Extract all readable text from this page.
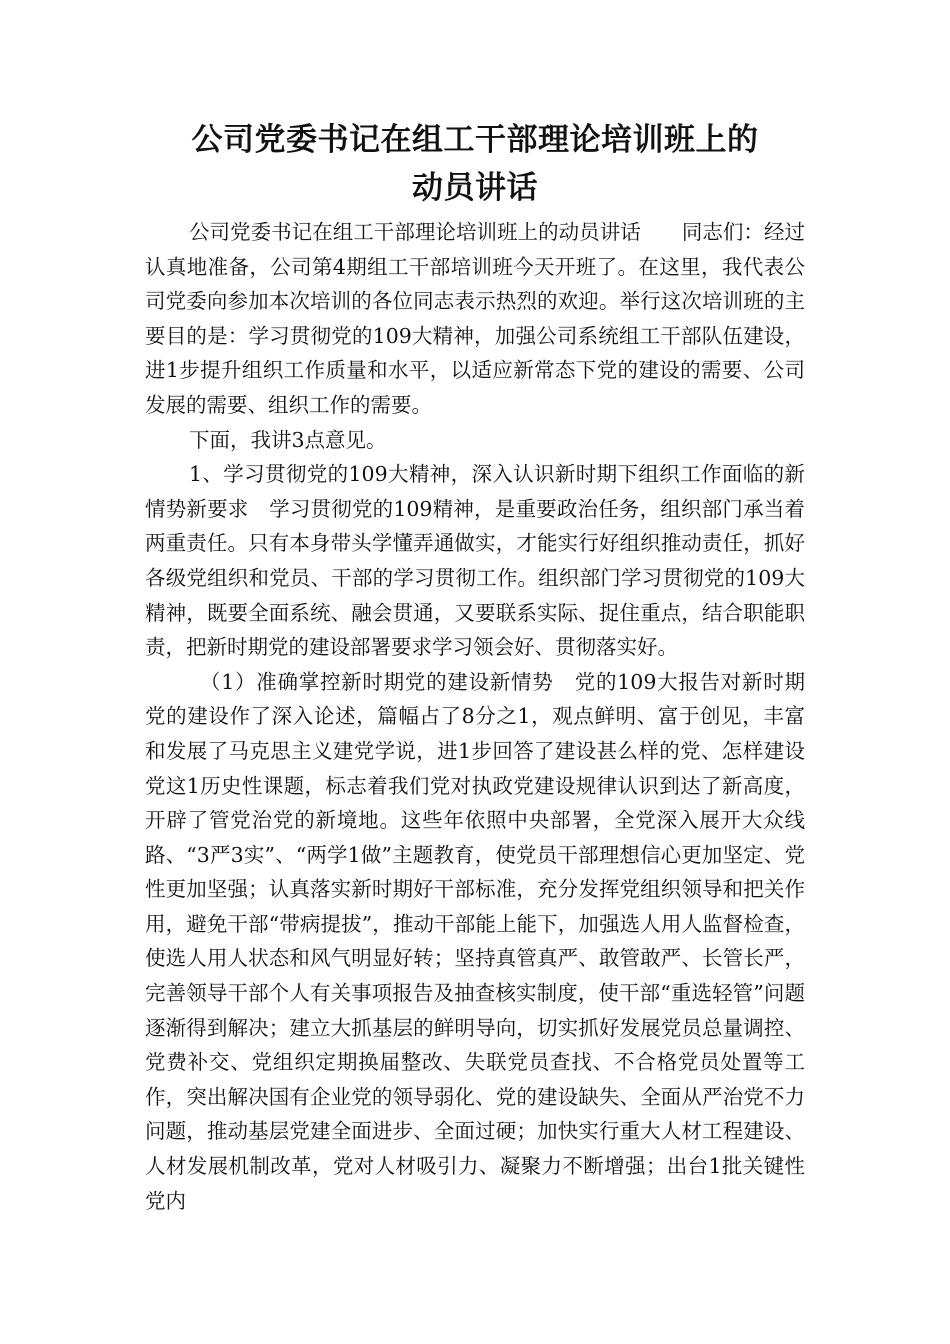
公司党委书记在组工干部理论培训班上的
动员讲话

公司党委书记在组工干部理论培训班上的动员讲话　　同志们：经过认真地准备，公司第4期组工干部培训班今天开班了。在这里，我代表公司党委向参加本次培训的各位同志表示热烈的欢迎。举行这次培训班的主要目的是：学习贯彻党的109大精神，加强公司系统组工干部队伍建设，进1步提升组织工作质量和水平，以适应新常态下党的建设的需要、公司发展的需要、组织工作的需要。

下面，我讲3点意见。

1、学习贯彻党的109大精神，深入认识新时期下组织工作面临的新情势新要求　学习贯彻党的109精神，是重要政治任务，组织部门承当着两重责任。只有本身带头学懂弄通做实，才能实行好组织推动责任，抓好各级党组织和党员、干部的学习贯彻工作。组织部门学习贯彻党的109大精神，既要全面系统、融会贯通，又要联系实际、捉住重点，结合职能职责，把新时期党的建设部署要求学习领会好、贯彻落实好。

（1）准确掌控新时期党的建设新情势　党的109大报告对新时期党的建设作了深入论述，篇幅占了8分之1，观点鲜明、富于创见，丰富和发展了马克思主义建党学说，进1步回答了建设甚么样的党、怎样建设党这1历史性课题，标志着我们党对执政党建设规律认识到达了新高度，开辟了管党治党的新境地。这些年依照中央部署，全党深入展开大众线路、“3严3实”、“两学1做”主题教育，使党员干部理想信心更加坚定、党性更加坚强；认真落实新时期好干部标准，充分发挥党组织领导和把关作用，避免干部“带病提拔”，推动干部能上能下，加强选人用人监督检查，使选人用人状态和风气明显好转；坚持真管真严、敢管敢严、长管长严，完善领导干部个人有关事项报告及抽查核实制度，使干部“重选轻管”问题逐渐得到解决；建立大抓基层的鲜明导向，切实抓好发展党员总量调控、党费补交、党组织定期换届整改、失联党员查找、不合格党员处置等工作，突出解决国有企业党的领导弱化、党的建设缺失、全面从严治党不力问题，推动基层党建全面进步、全面过硬；加快实行重大人材工程建设、人材发展机制改革，党对人材吸引力、凝聚力不断增强；出台1批关键性党内
